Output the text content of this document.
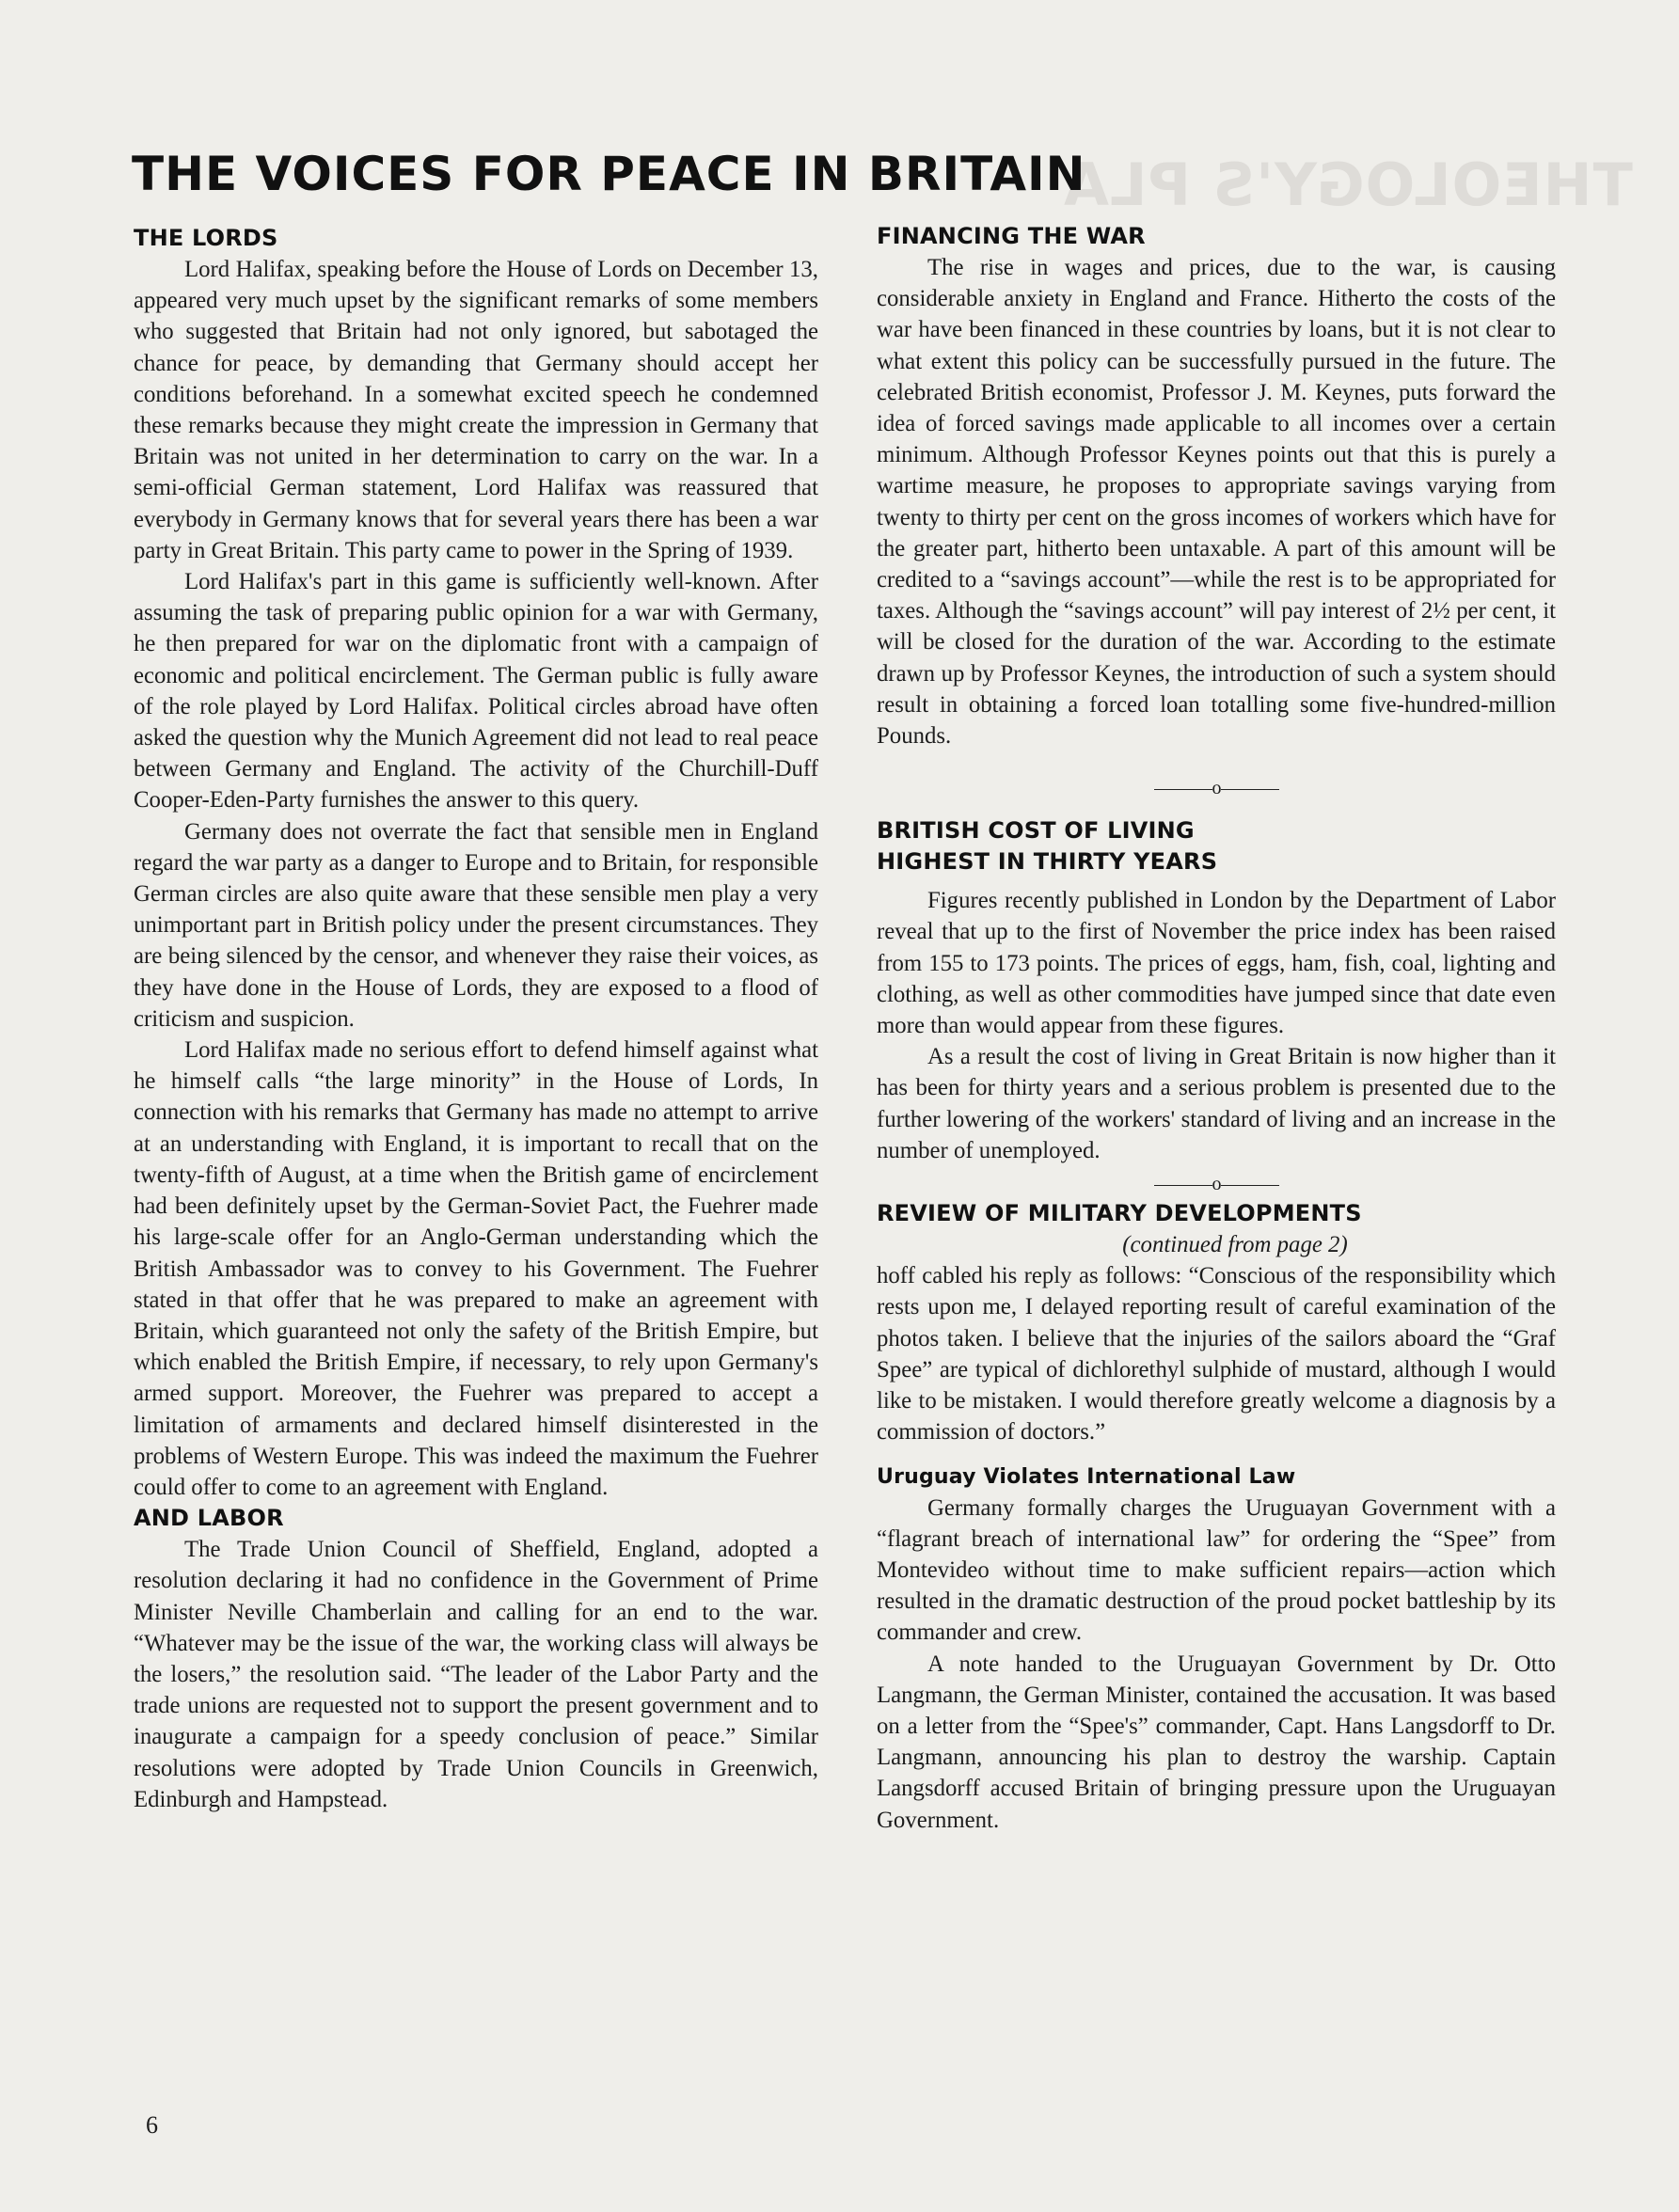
THEOLOGY'S PLA
THE VOICES FOR PEACE IN BRITAIN
THE LORDS

Lord Halifax, speaking before the House of Lords on December 13, appeared very much upset by the significant remarks of some members who suggested that Britain had not only ignored, but sabotaged the chance for peace, by demanding that Germany should accept her conditions beforehand. In a somewhat excited speech he condemned these remarks because they might create the impression in Germany that Britain was not united in her determination to carry on the war. In a semi-official German statement, Lord Halifax was reassured that everybody in Germany knows that for several years there has been a war party in Great Britain. This party came to power in the Spring of 1939.

Lord Halifax's part in this game is sufficiently well-known. After assuming the task of preparing public opinion for a war with Germany, he then prepared for war on the diplomatic front with a campaign of economic and political encirclement. The German public is fully aware of the role played by Lord Halifax. Political circles abroad have often asked the question why the Munich Agreement did not lead to real peace between Germany and England. The activity of the Churchill-Duff Cooper-Eden-Party furnishes the answer to this query.

Germany does not overrate the fact that sensible men in England regard the war party as a danger to Europe and to Britain, for responsible German circles are also quite aware that these sensible men play a very unimportant part in British policy under the present circumstances. They are being silenced by the censor, and whenever they raise their voices, as they have done in the House of Lords, they are exposed to a flood of criticism and suspicion.

Lord Halifax made no serious effort to defend himself against what he himself calls “the large minority” in the House of Lords, In connection with his remarks that Germany has made no attempt to arrive at an understanding with England, it is important to recall that on the twenty-fifth of August, at a time when the British game of encirclement had been definitely upset by the German-Soviet Pact, the Fuehrer made his large-scale offer for an Anglo-German understanding which the British Ambassador was to convey to his Government. The Fuehrer stated in that offer that he was prepared to make an agreement with Britain, which guaranteed not only the safety of the British Empire, but which enabled the British Empire, if necessary, to rely upon Germany's armed support. Moreover, the Fuehrer was prepared to accept a limitation of armaments and declared himself disinterested in the problems of Western Europe. This was indeed the maximum the Fuehrer could offer to come to an agreement with England.

AND LABOR

The Trade Union Council of Sheffield, England, adopted a resolution declaring it had no confidence in the Government of Prime Minister Neville Chamberlain and calling for an end to the war. “Whatever may be the issue of the war, the working class will always be the losers,” the resolution said. “The leader of the Labor Party and the trade unions are requested not to support the present government and to inaugurate a campaign for a speedy conclusion of peace.” Similar resolutions were adopted by Trade Union Councils in Greenwich, Edinburgh and Hampstead.

FINANCING THE WAR

The rise in wages and prices, due to the war, is causing considerable anxiety in England and France. Hitherto the costs of the war have been financed in these countries by loans, but it is not clear to what extent this policy can be successfully pursued in the future. The celebrated British economist, Professor J. M. Keynes, puts forward the idea of forced savings made applicable to all incomes over a certain minimum. Although Professor Keynes points out that this is purely a wartime measure, he proposes to appropriate savings varying from twenty to thirty per cent on the gross incomes of workers which have for the greater part, hitherto been untaxable. A part of this amount will be credited to a “savings account”—while the rest is to be appropriated for taxes. Although the “savings account” will pay interest of 2½ per cent, it will be closed for the duration of the war. According to the estimate drawn up by Professor Keynes, the introduction of such a system should result in obtaining a forced loan totalling some five-hundred-million Pounds.

o
BRITISH COST OF LIVING
HIGHEST IN THIRTY YEARS

Figures recently published in London by the Department of Labor reveal that up to the first of November the price index has been raised from 155 to 173 points. The prices of eggs, ham, fish, coal, lighting and clothing, as well as other commodities have jumped since that date even more than would appear from these figures.

As a result the cost of living in Great Britain is now higher than it has been for thirty years and a serious problem is presented due to the further lowering of the workers' standard of living and an increase in the number of unemployed.

o
REVIEW OF MILITARY DEVELOPMENTS

(continued from page 2)

hoff cabled his reply as follows: “Conscious of the responsibility which rests upon me, I delayed reporting result of careful examination of the photos taken. I believe that the injuries of the sailors aboard the “Graf Spee” are typical of dichlorethyl sulphide of mustard, although I would like to be mistaken. I would therefore greatly welcome a diagnosis by a commission of doctors.”

Uruguay Violates International Law

Germany formally charges the Uruguayan Government with a “flagrant breach of international law” for ordering the “Spee” from Montevideo without time to make sufficient repairs—action which resulted in the dramatic destruction of the proud pocket battleship by its commander and crew.

A note handed to the Uruguayan Government by Dr. Otto Langmann, the German Minister, contained the accusation. It was based on a letter from the “Spee's” commander, Capt. Hans Langsdorff to Dr. Langmann, announcing his plan to destroy the warship. Captain Langsdorff accused Britain of bringing pressure upon the Uruguayan Government.

6
